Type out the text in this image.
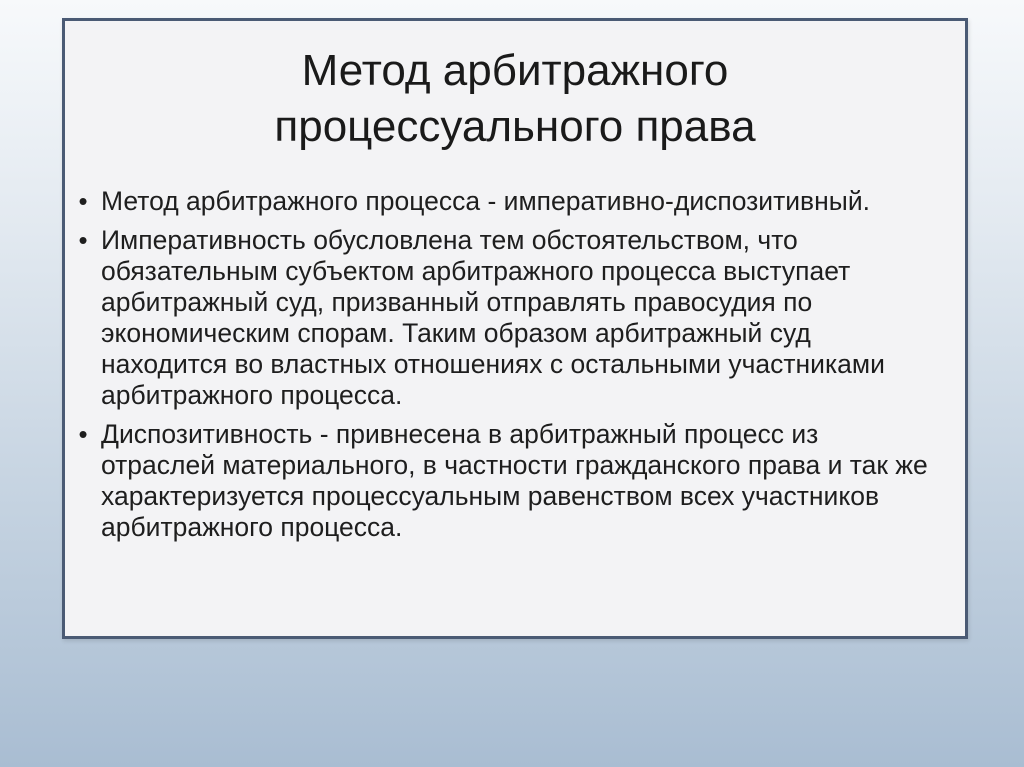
Метод арбитражного
процессуального права
• Метод арбитражного процесса - императивно-диспозитивный.
• Императивность обусловлена тем обстоятельством, что обязательным субъектом арбитражного процесса выступает арбитражный суд, призванный отправлять правосудия по экономическим спорам. Таким образом арбитражный суд находится во властных отношениях с остальными участниками арбитражного процесса.
• Диспозитивность - привнесена в арбитражный процесс из отраслей материального, в частности гражданского права и так же характеризуется процессуальным равенством всех участников арбитражного процесса.
